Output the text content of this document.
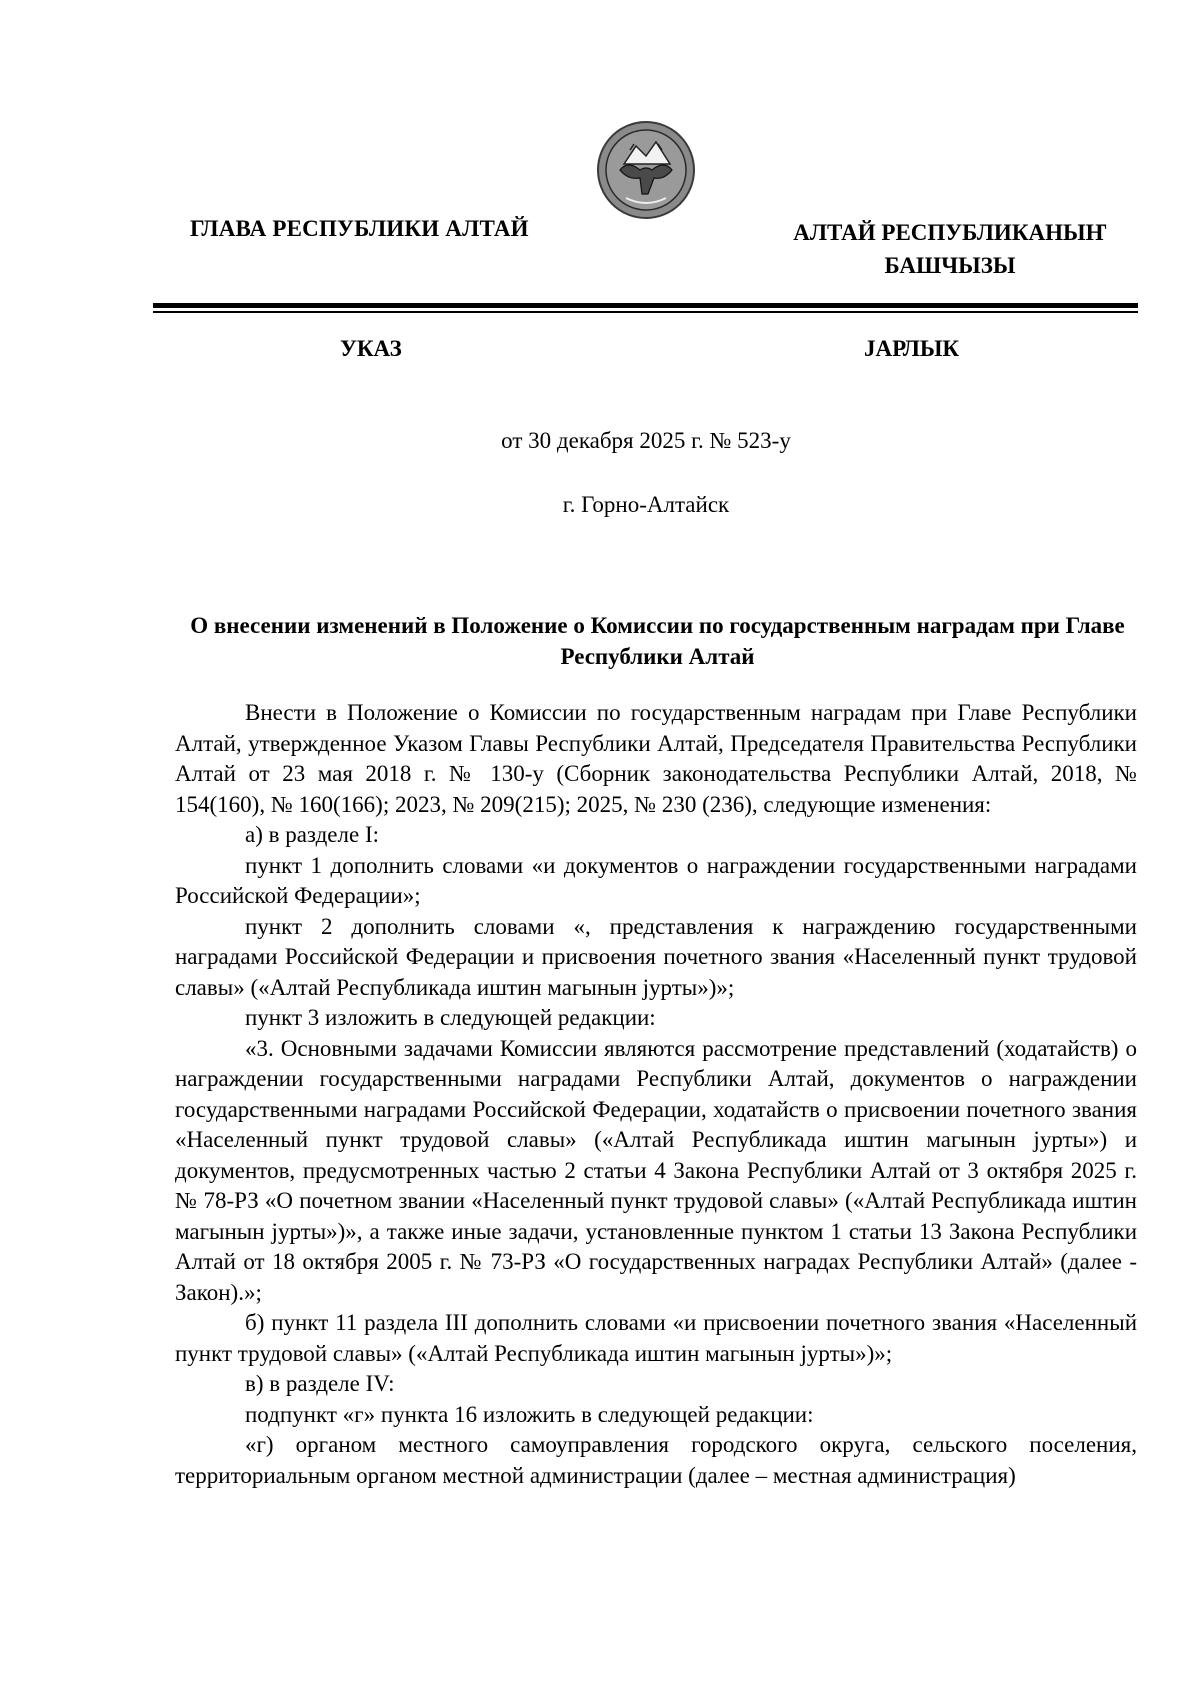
ГЛАВА РЕСПУБЛИКИ АЛТАЙ	АЛТАЙ РЕСПУБЛИКАНЫҤ
БАШЧЫЗЫ
УКАЗ	ЈАРЛЫК
от 30 декабря 2025 г. № 523-у
г. Горно-Алтайск
О внесении изменений в Положение о Комиссии по государственным наградам при Главе Республики Алтай

Внести в Положение о Комиссии по государственным наградам при Главе Республики Алтай, утвержденное Указом Главы Республики Алтай, Председателя Правительства Республики Алтай от 23 мая 2018 г. № 130-у (Сборник законодательства Республики Алтай, 2018, № 154(160), № 160(166); 2023, № 209(215); 2025, № 230 (236), следующие изменения:

а) в разделе I:

пункт 1 дополнить словами «и документов о награждении государственными наградами Российской Федерации»;

пункт 2 дополнить словами «, представления к награждению государственными наградами Российской Федерации и присвоения почетного звания «Населенный пункт трудовой славы» («Алтай Республикада иштин магынын јурты»)»;

пункт 3 изложить в следующей редакции:

«3. Основными задачами Комиссии являются рассмотрение представлений (ходатайств) о награждении государственными наградами Республики Алтай, документов о награждении государственными наградами Российской Федерации, ходатайств о присвоении почетного звания «Населенный пункт трудовой славы» («Алтай Республикада иштин магынын јурты») и документов, предусмотренных частью 2 статьи 4 Закона Республики Алтай от 3 октября 2025 г. № 78-РЗ «О почетном звании «Населенный пункт трудовой славы» («Алтай Республикада иштин магынын јурты»)», а также иные задачи, установленные пунктом 1 статьи 13 Закона Республики Алтай от 18 октября 2005 г. № 73-РЗ «О государственных наградах Республики Алтай» (далее - Закон).»;

б) пункт 11 раздела III дополнить словами «и присвоении почетного звания «Населенный пункт трудовой славы» («Алтай Республикада иштин магынын јурты»)»;

в) в разделе IV:

подпункт «г» пункта 16 изложить в следующей редакции:

«г) органом местного самоуправления городского округа, сельского поселения, территориальным органом местной администрации (далее – местная администрация)
